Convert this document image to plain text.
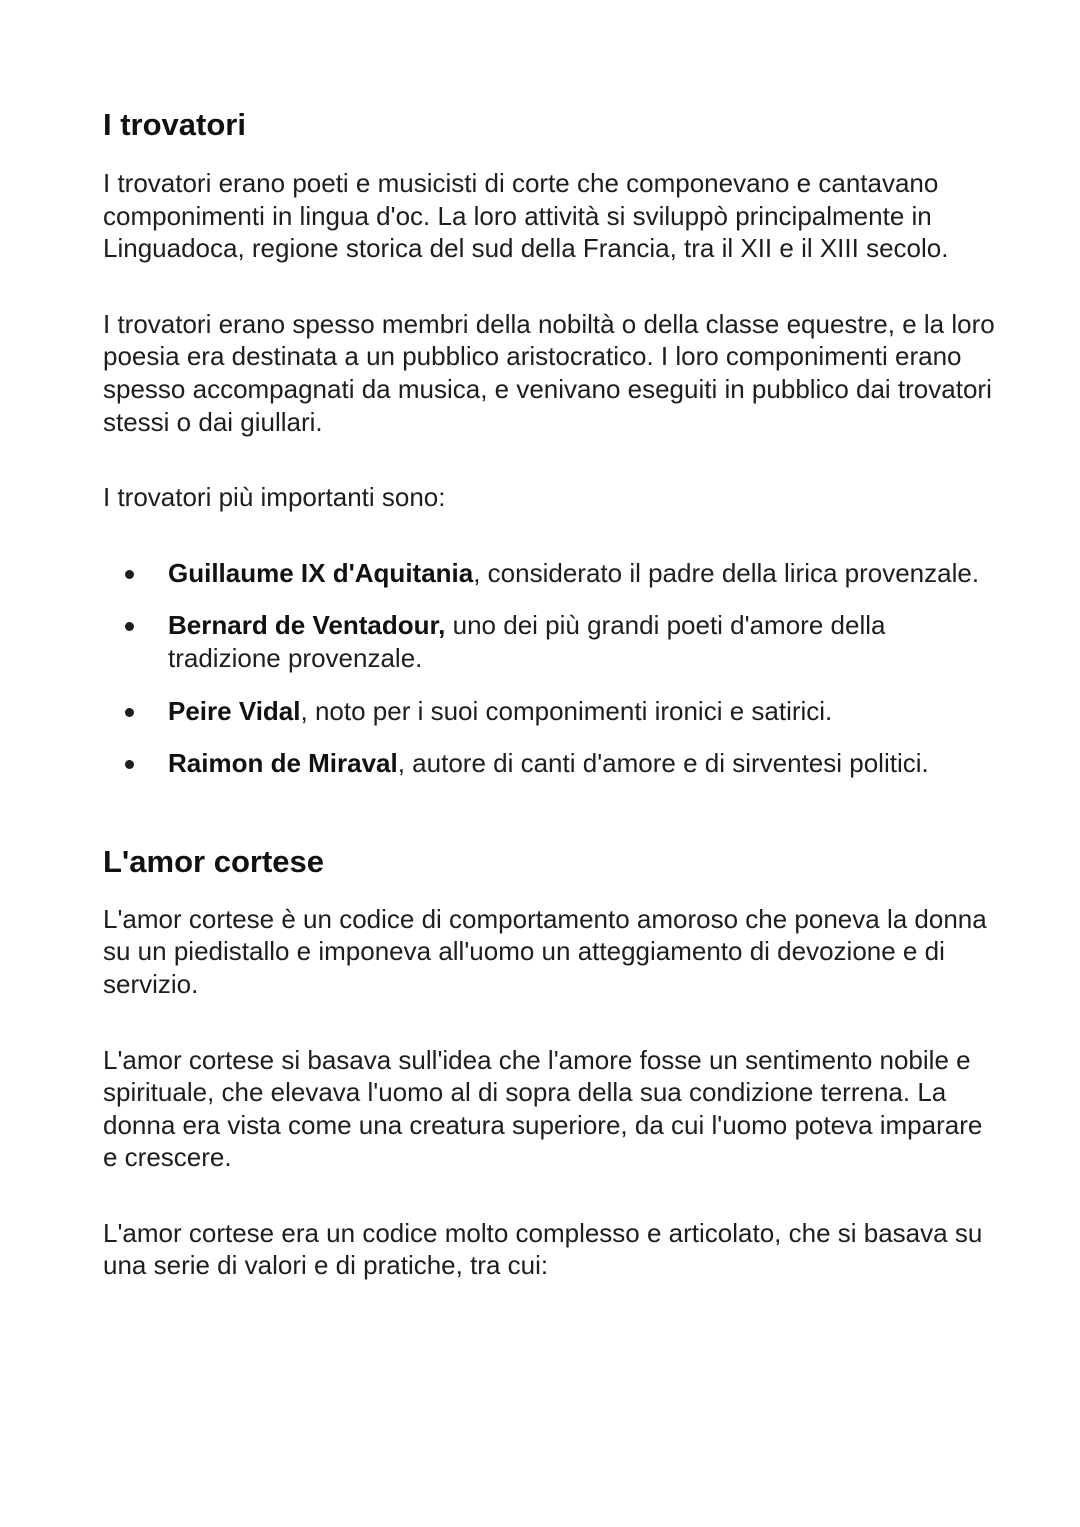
I trovatori

I trovatori erano poeti e musicisti di corte che componevano e cantavano componimenti in lingua d'oc. La loro attività si sviluppò principalmente in Linguadoca, regione storica del sud della Francia, tra il XII e il XIII secolo.

I trovatori erano spesso membri della nobiltà o della classe equestre, e la loro poesia era destinata a un pubblico aristocratico. I loro componimenti erano spesso accompagnati da musica, e venivano eseguiti in pubblico dai trovatori stessi o dai giullari.

I trovatori più importanti sono:

Guillaume IX d'Aquitania, considerato il padre della lirica provenzale.
Bernard de Ventadour, uno dei più grandi poeti d'amore della tradizione provenzale.
Peire Vidal, noto per i suoi componimenti ironici e satirici.
Raimon de Miraval, autore di canti d'amore e di sirventesi politici.
L'amor cortese

L'amor cortese è un codice di comportamento amoroso che poneva la donna su un piedistallo e imponeva all'uomo un atteggiamento di devozione e di servizio.

L'amor cortese si basava sull'idea che l'amore fosse un sentimento nobile e spirituale, che elevava l'uomo al di sopra della sua condizione terrena. La donna era vista come una creatura superiore, da cui l'uomo poteva imparare e crescere.

L'amor cortese era un codice molto complesso e articolato, che si basava su una serie di valori e di pratiche, tra cui:
